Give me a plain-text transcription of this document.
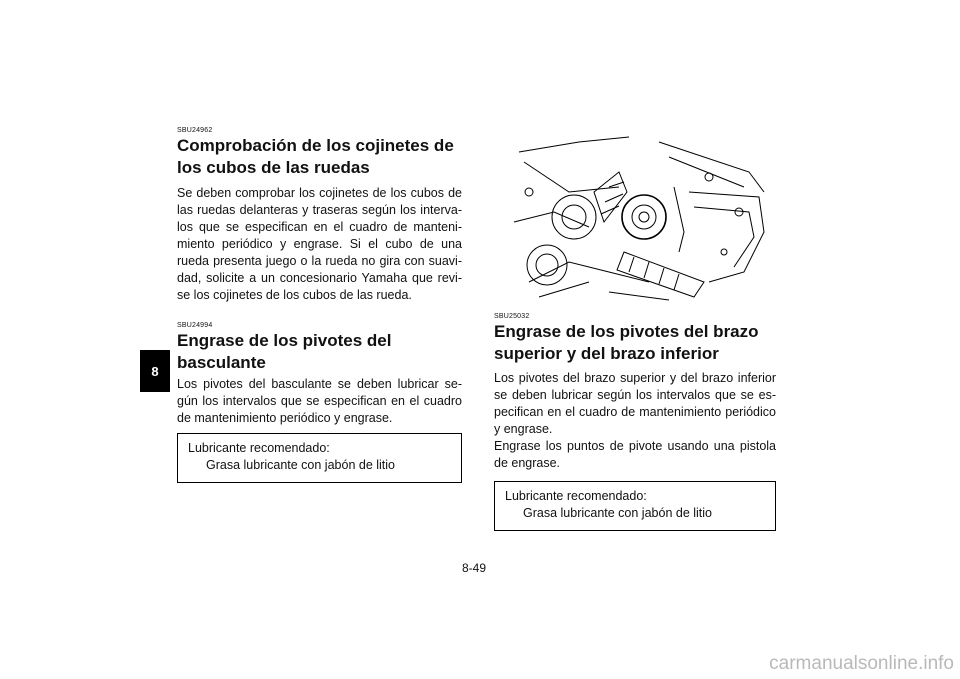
8
SBU24962
Comprobación de los cojinetes de los cubos de las ruedas

Se deben comprobar los cojinetes de los cubos de las ruedas delanteras y traseras según los interva-los que se especifican en el cuadro de manteni-miento periódico y engrase. Si el cubo de una rueda presenta juego o la rueda no gira con suavi-dad, solicite a un concesionario Yamaha que revi-se los cojinetes de los cubos de las rueda.

SBU24994
Engrase de los pivotes del basculante

Los pivotes del basculante se deben lubricar se-gún los intervalos que se especifican en el cuadro de mantenimiento periódico y engrase.

Lubricante recomendado:
Grasa lubricante con jabón de litio
SBU25032
Engrase de los pivotes del brazo superior y del brazo inferior

Los pivotes del brazo superior y del brazo inferior se deben lubricar según los intervalos que se es-pecifican en el cuadro de mantenimiento periódico y engrase.

Engrase los puntos de pivote usando una pistola de engrase.

Lubricante recomendado:
Grasa lubricante con jabón de litio
8-49
carmanualsonline.info
